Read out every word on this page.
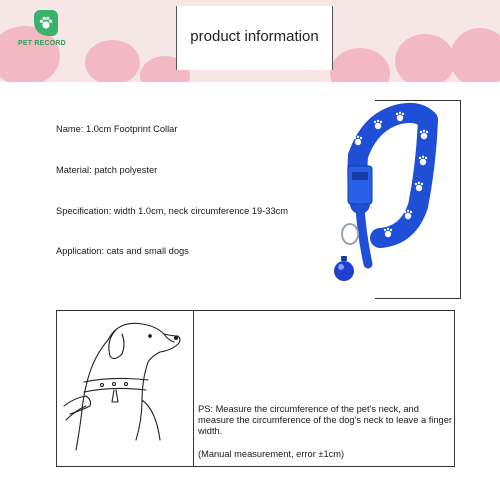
PET RECORD	product information
Name: 1.0cm Footprint Collar
Material: patch polyester
Specification: width 1.0cm, neck circumference 19-33cm
Application: cats and small dogs
PS: Measure the circumference of the pet's neck, and measure the circumference of the dog's neck to leave a finger width.
(Manual measurement, error ±1cm)
